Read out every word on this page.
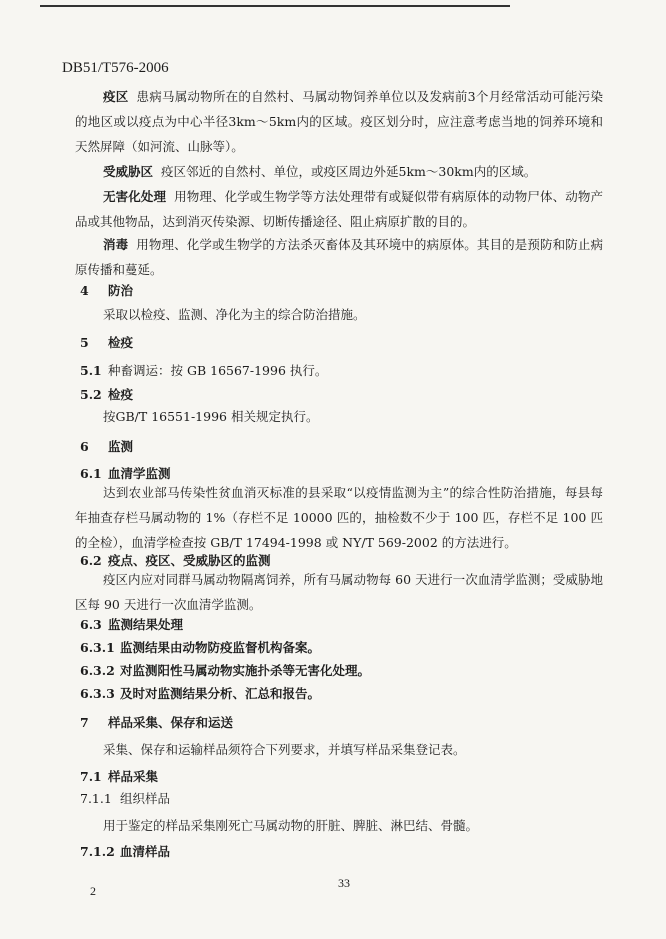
DB51/T576-2006
疫区 患病马属动物所在的自然村、马属动物饲养单位以及发病前3个月经常活动可能污染的地区或以疫点为中心半径3km～5km内的区域。疫区划分时，应注意考虑当地的饲养环境和天然屏障（如河流、山脉等）。
受威胁区 疫区邻近的自然村、单位，或疫区周边外延5km～30km内的区域。
无害化处理 用物理、化学或生物学等方法处理带有或疑似带有病原体的动物尸体、动物产品或其他物品，达到消灭传染源、切断传播途径、阻止病原扩散的目的。
消毒 用物理、化学或生物学的方法杀灭畜体及其环境中的病原体。其目的是预防和防止病原传播和蔓延。
4 防治
采取以检疫、监测、净化为主的综合防治措施。
5 检疫
5.1 种畜调运：按 GB 16567-1996 执行。
5.2 检疫
按GB/T 16551-1996 相关规定执行。
6 监测
6.1 血清学监测
达到农业部马传染性贫血消灭标准的县采取“以疫情监测为主”的综合性防治措施，每县每年抽查存栏马属动物的 1%（存栏不足 10000 匹的，抽检数不少于 100 匹，存栏不足 100 匹的全检），血清学检查按 GB/T 17494-1998 或 NY/T 569-2002 的方法进行。
6.2 疫点、疫区、受威胁区的监测
疫区内应对同群马属动物隔离饲养，所有马属动物每 60 天进行一次血清学监测；受威胁地区每 90 天进行一次血清学监测。
6.3 监测结果处理
6.3.1 监测结果由动物防疫监督机构备案。
6.3.2 对监测阳性马属动物实施扑杀等无害化处理。
6.3.3 及时对监测结果分析、汇总和报告。
7 样品采集、保存和运送
采集、保存和运输样品须符合下列要求，并填写样品采集登记表。
7.1 样品采集
7.1.1 组织样品
用于鉴定的样品采集刚死亡马属动物的肝脏、脾脏、淋巴结、骨髓。
7.1.2 血清样品
33
2
